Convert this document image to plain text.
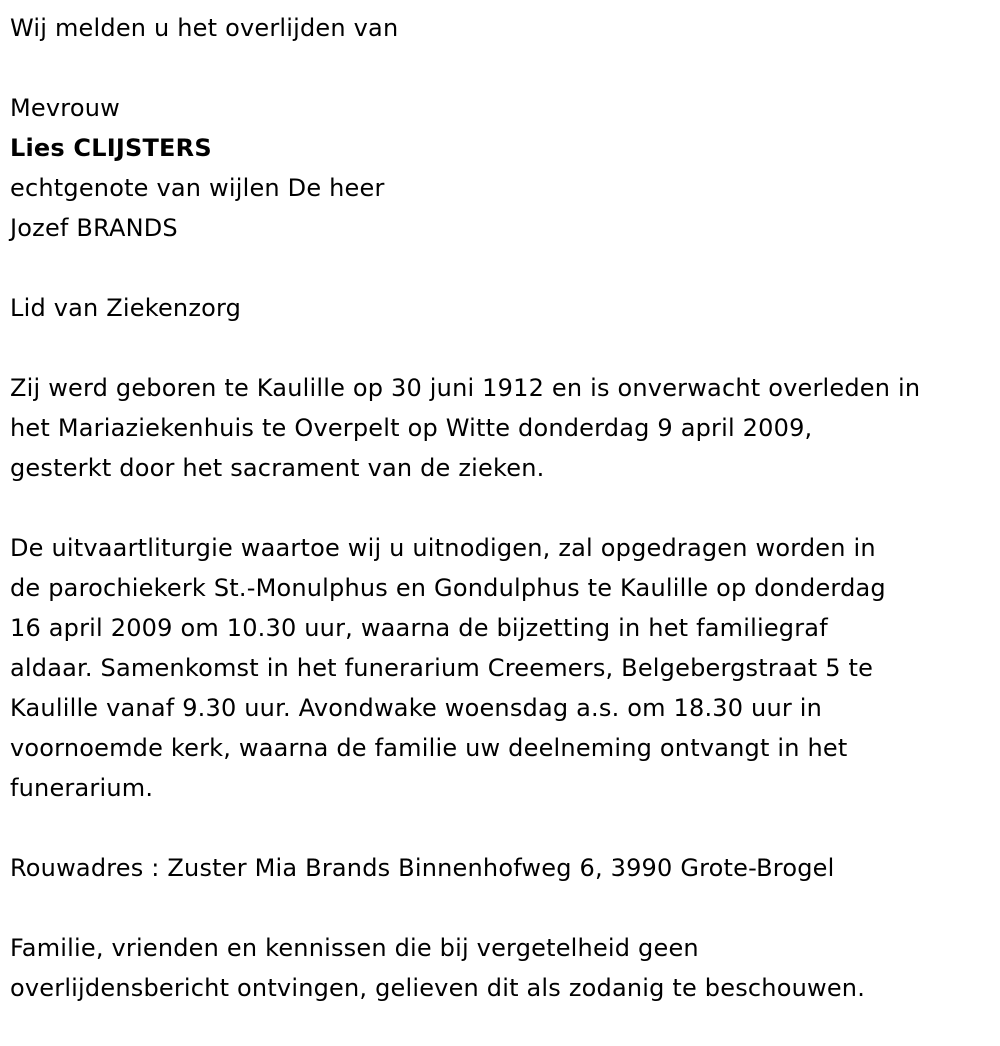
Wij melden u het overlijden van

Mevrouw

Lies CLIJSTERS

echtgenote van wijlen De heer

Jozef BRANDS

Lid van Ziekenzorg

Zij werd geboren te Kaulille op 30 juni 1912 en is onverwacht overleden in

het Mariaziekenhuis te Overpelt op Witte donderdag 9 april 2009,

gesterkt door het sacrament van de zieken.

De uitvaartliturgie waartoe wij u uitnodigen, zal opgedragen worden in

de parochiekerk St.-Monulphus en Gondulphus te Kaulille op donderdag

16 april 2009 om 10.30 uur, waarna de bijzetting in het familiegraf

aldaar. Samenkomst in het funerarium Creemers, Belgebergstraat 5 te

Kaulille vanaf 9.30 uur. Avondwake woensdag a.s. om 18.30 uur in

voornoemde kerk, waarna de familie uw deelneming ontvangt in het

funerarium.

Rouwadres : Zuster Mia Brands Binnenhofweg 6, 3990 Grote-Brogel

Familie, vrienden en kennissen die bij vergetelheid geen

overlijdensbericht ontvingen, gelieven dit als zodanig te beschouwen.
